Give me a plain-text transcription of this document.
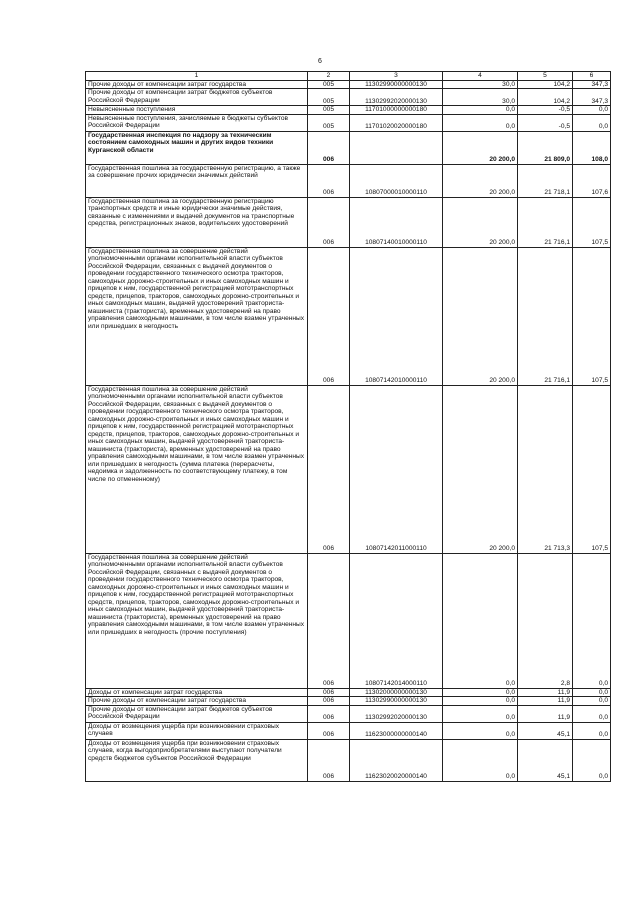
6
1	2	3	4	5	6
Прочие доходы от компенсации затрат государства	005	11302990000000130	30,0	104,2	347,3
Прочие доходы от компенсации затрат бюджетов субъектов Российской Федерации	005	11302992020000130	30,0	104,2	347,3
Невыясненные поступления	005	11701000000000180	0,0	-0,5	0,0
Невыясненные поступления, зачисляемые в бюджеты субъектов Российской Федерации	005	11701020020000180	0,0	-0,5	0,0
Государственная инспекция по надзору за техническим состоянием самоходных машин и других видов техники Курганской области	006		20 200,0	21 809,0	108,0
Государственная пошлина за государственную регистрацию, а также за совершение прочих юридически значимых действий	006	10807000010000110	20 200,0	21 718,1	107,6
Государственная пошлина за государственную регистрацию транспортных средств и иные юридически значимые действия, связанные с изменениями и выдачей документов на транспортные средства, регистрационных знаков, водительских удостоверений	006	10807140010000110	20 200,0	21 716,1	107,5
Государственная пошлина за совершение действий уполномоченными органами исполнительной власти субъектов Российской Федерации, связанных с выдачей документов о проведении государственного технического осмотра тракторов, самоходных дорожно-строительных и иных самоходных машин и прицепов к ним, государственной регистрацией мототранспортных средств, прицепов, тракторов, самоходных дорожно-строительных и иных самоходных машин, выдачей удостоверений тракториста-машиниста (тракториста), временных удостоверений на право управления самоходными машинами, в том числе взамен утраченных или пришедших в негодность	006	10807142010000110	20 200,0	21 716,1	107,5
Государственная пошлина за совершение действий уполномоченными органами исполнительной власти субъектов Российской Федерации, связанных с выдачей документов о проведении государственного технического осмотра тракторов, самоходных дорожно-строительных и иных самоходных машин и прицепов к ним, государственной регистрацией мототранспортных средств, прицепов, тракторов, самоходных дорожно-строительных и иных самоходных машин, выдачей удостоверений тракториста-машиниста (тракториста), временных удостоверений на право управления самоходными машинами, в том числе взамен утраченных или пришедших в негодность (сумма платежа (перерасчеты, недоимка и задолженность по соответствующему платежу, в том числе по отмененному)	006	10807142011000110	20 200,0	21 713,3	107,5
Государственная пошлина за совершение действий уполномоченными органами исполнительной власти субъектов Российской Федерации, связанных с выдачей документов о проведении государственного технического осмотра тракторов, самоходных дорожно-строительных и иных самоходных машин и прицепов к ним, государственной регистрацией мототранспортных средств, прицепов, тракторов, самоходных дорожно-строительных и иных самоходных машин, выдачей удостоверений тракториста-машиниста (тракториста), временных удостоверений на право управления самоходными машинами, в том числе взамен утраченных или пришедших в негодность (прочие поступления)	006	10807142014000110	0,0	2,8	0,0
Доходы от компенсации затрат государства	006	11302000000000130	0,0	11,9	0,0
Прочие доходы от компенсации затрат государства	006	11302990000000130	0,0	11,9	0,0
Прочие доходы от компенсации затрат бюджетов субъектов Российской Федерации	006	11302992020000130	0,0	11,9	0,0
Доходы от возмещения ущерба при возникновении страховых случаев	006	11623000000000140	0,0	45,1	0,0
Доходы от возмещения ущерба при возникновении страховых случаев, когда выгодоприобретателями выступают получатели средств бюджетов субъектов Российской Федерации	006	11623020020000140	0,0	45,1	0,0
